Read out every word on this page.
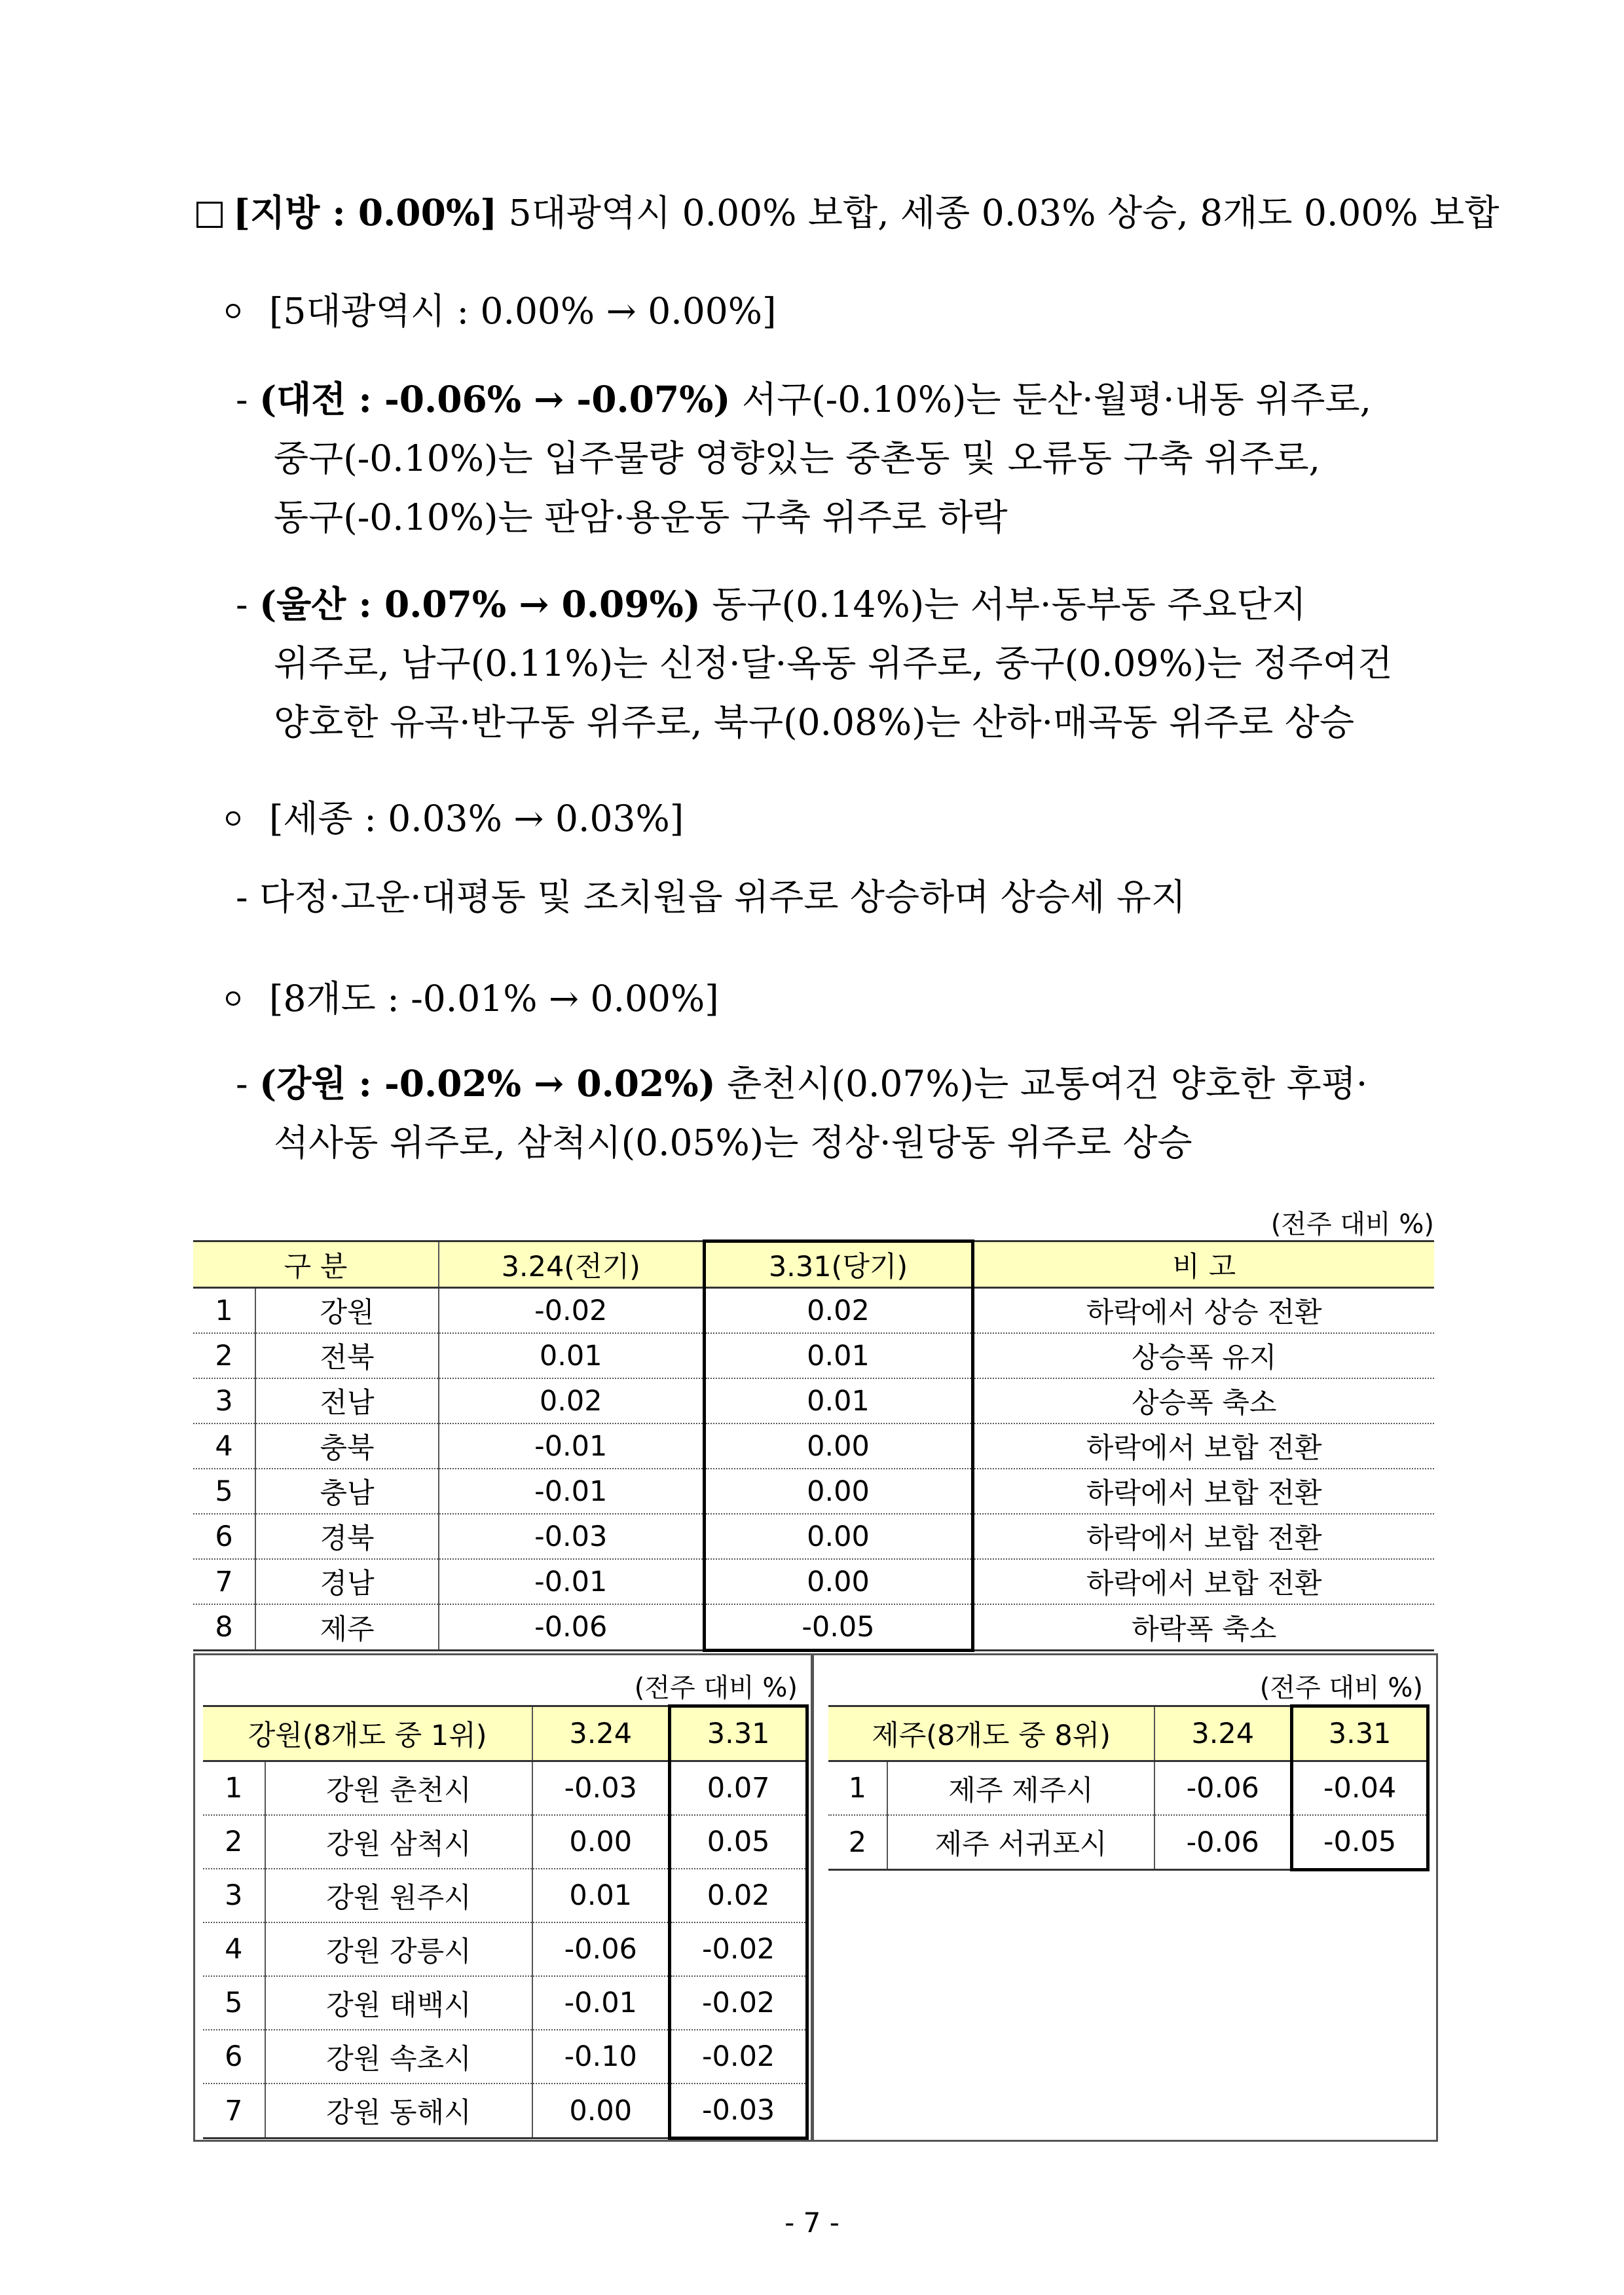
[지방 : 0.00%] 5대광역시 0.00% 보합, 세종 0.03% 상승, 8개도 0.00% 보합
[5대광역시 : 0.00% → 0.00%]
- (대전 : -0.06% → -0.07%) 서구(-0.10%)는 둔산·월평·내동 위주로,
중구(-0.10%)는 입주물량 영향있는 중촌동 및 오류동 구축 위주로,
동구(-0.10%)는 판암·용운동 구축 위주로 하락
- (울산 : 0.07% → 0.09%) 동구(0.14%)는 서부·동부동 주요단지
위주로, 남구(0.11%)는 신정·달·옥동 위주로, 중구(0.09%)는 정주여건
양호한 유곡·반구동 위주로, 북구(0.08%)는 산하·매곡동 위주로 상승
[세종 : 0.03% → 0.03%]
- 다정·고운·대평동 및 조치원읍 위주로 상승하며 상승세 유지
[8개도 : -0.01% → 0.00%]
- (강원 : -0.02% → 0.02%) 춘천시(0.07%)는 교통여건 양호한 후평·
석사동 위주로, 삼척시(0.05%)는 정상·원당동 위주로 상승
(전주 대비 %)
구 분		3.24(전기)	3.31(당기)	비 고
1	강원	-0.02	0.02	하락에서 상승 전환
2	전북	0.01	0.01	상승폭 유지
3	전남	0.02	0.01	상승폭 축소
4	충북	-0.01	0.00	하락에서 보합 전환
5	충남	-0.01	0.00	하락에서 보합 전환
6	경북	-0.03	0.00	하락에서 보합 전환
7	경남	-0.01	0.00	하락에서 보합 전환
8	제주	-0.06	-0.05	하락폭 축소
(전주 대비 %)
강원(8개도 중 1위)		3.24	3.31
1	강원 춘천시	-0.03	0.07
2	강원 삼척시	0.00	0.05
3	강원 원주시	0.01	0.02
4	강원 강릉시	-0.06	-0.02
5	강원 태백시	-0.01	-0.02
6	강원 속초시	-0.10	-0.02
7	강원 동해시	0.00	-0.03
(전주 대비 %)
제주(8개도 중 8위)		3.24	3.31
1	제주 제주시	-0.06	-0.04
2	제주 서귀포시	-0.06	-0.05
- 7 -
